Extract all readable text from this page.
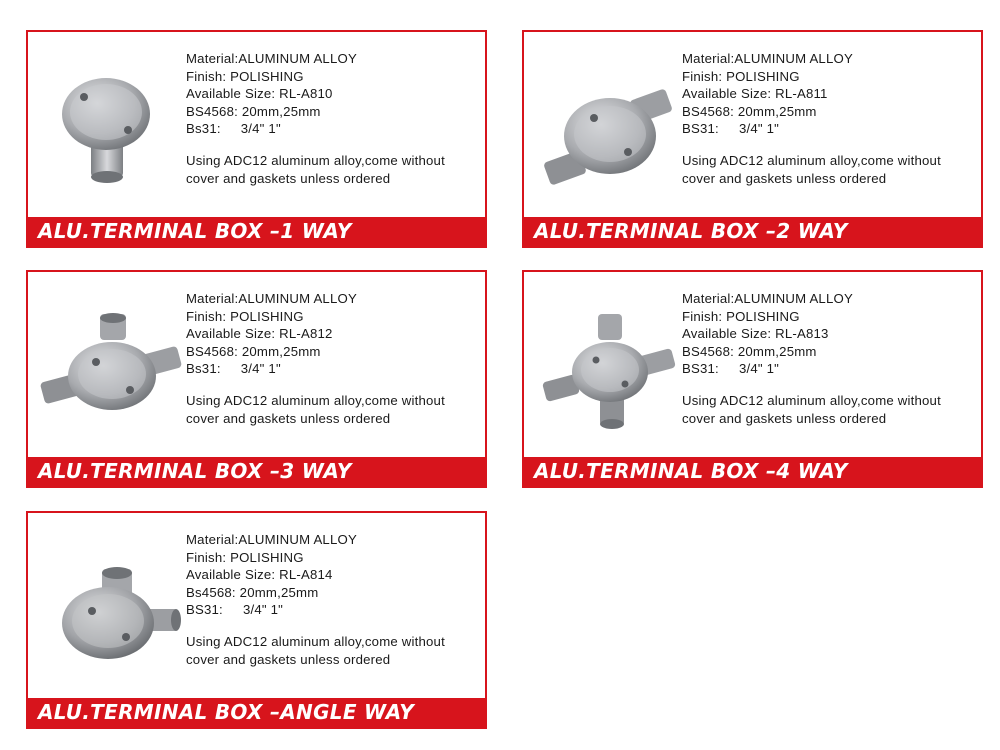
Material:ALUMINUM ALLOY
Finish: POLISHING
Available Size: RL-A810
BS4568: 20mm,25mm
Bs31: 3/4" 1"
Using ADC12 aluminum alloy,come without cover and gaskets unless ordered
ALU.TERMINAL BOX –1 WAY
Material:ALUMINUM ALLOY
Finish: POLISHING
Available Size: RL-A811
BS4568: 20mm,25mm
BS31: 3/4" 1"
Using ADC12 aluminum alloy,come without cover and gaskets unless ordered
ALU.TERMINAL BOX –2 WAY
Material:ALUMINUM ALLOY
Finish: POLISHING
Available Size: RL-A812
BS4568: 20mm,25mm
Bs31: 3/4" 1"
Using ADC12 aluminum alloy,come without cover and gaskets unless ordered
ALU.TERMINAL BOX –3 WAY
Material:ALUMINUM ALLOY
Finish: POLISHING
Available Size: RL-A813
BS4568: 20mm,25mm
BS31: 3/4" 1"
Using ADC12 aluminum alloy,come without cover and gaskets unless ordered
ALU.TERMINAL BOX –4 WAY
Material:ALUMINUM ALLOY
Finish: POLISHING
Available Size: RL-A814
Bs4568: 20mm,25mm
BS31: 3/4" 1"
Using ADC12 aluminum alloy,come without cover and gaskets unless ordered
ALU.TERMINAL BOX –ANGLE WAY
